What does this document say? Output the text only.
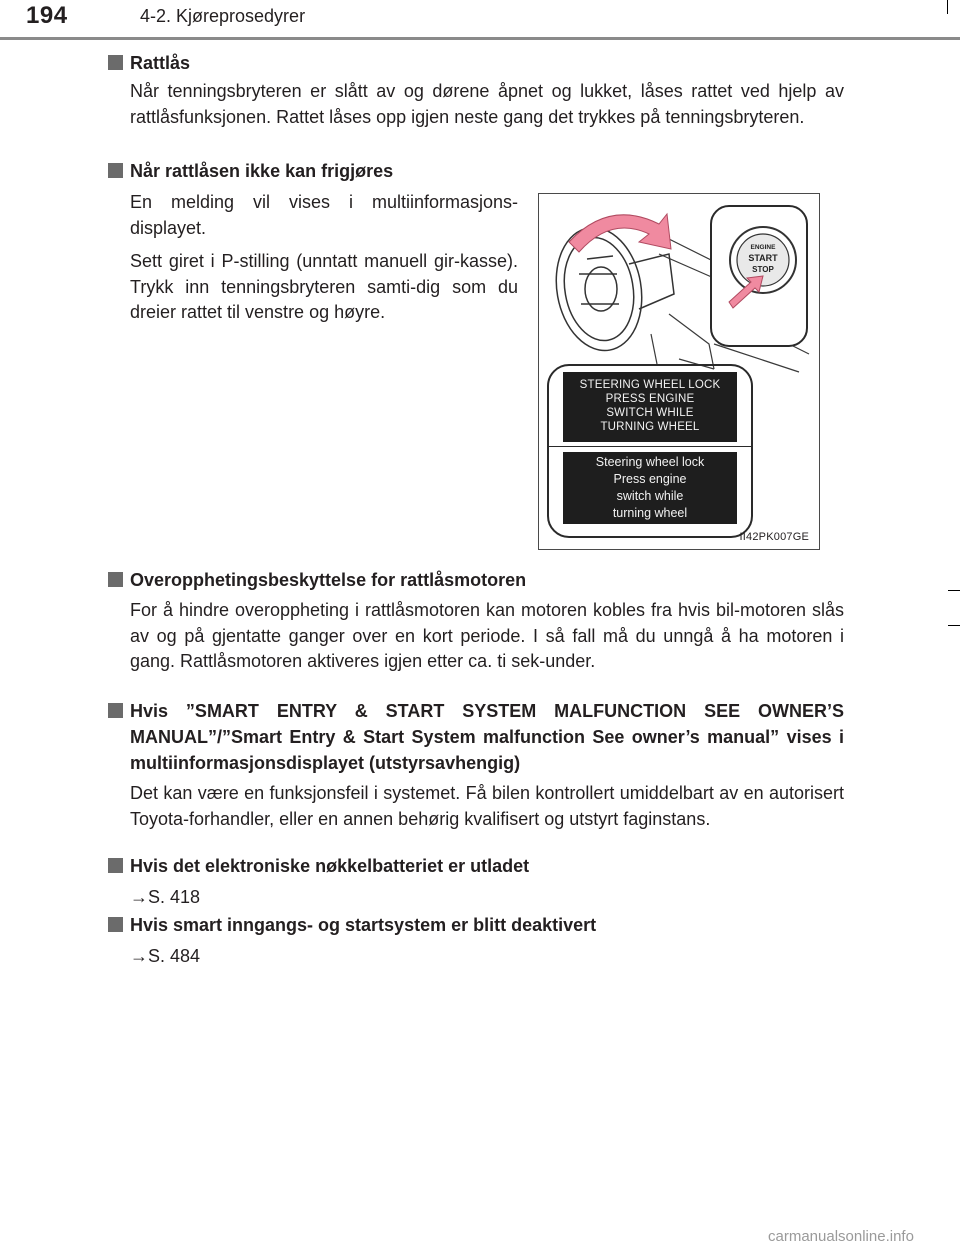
194	4-2. Kjøreprosedyrer
Rattlås

Når tenningsbryteren er slått av og dørene åpnet og lukket, låses rattet ved hjelp av rattlåsfunksjonen. Rattet låses opp igjen neste gang det trykkes på tenningsbryteren.

Når rattlåsen ikke kan frigjøres

En melding vil vises i multiinformasjons-displayet.

Sett giret i P-stilling (unntatt manuell gir-kasse). Trykk inn tenningsbryteren samti-dig som du dreier rattet til venstre og høyre.

ENGINE
START
STOP
STEERING WHEEL LOCK
PRESS ENGINE
SWITCH WHILE
TURNING WHEEL
Steering wheel lock
Press engine
switch while
turning wheel
II42PK007GE
Overopphetingsbeskyttelse for rattlåsmotoren

For å hindre overoppheting i rattlåsmotoren kan motoren kobles fra hvis bil-motoren slås av og på gjentatte ganger over en kort periode. I så fall må du unngå å ha motoren i gang. Rattlåsmotoren aktiveres igjen etter ca. ti sek-under.

Hvis ”SMART ENTRY & START SYSTEM MALFUNCTION SEE OWNER’S MANUAL”/”Smart Entry & Start System malfunction See owner’s manual” vises i multiinformasjonsdisplayet (utstyrsavhengig)

Det kan være en funksjonsfeil i systemet. Få bilen kontrollert umiddelbart av en autorisert Toyota-forhandler, eller en annen behørig kvalifisert og utstyrt faginstans.

Hvis det elektroniske nøkkelbatteriet er utladet

→S. 418

Hvis smart inngangs- og startsystem er blitt deaktivert

→S. 484

carmanualsonline.info
